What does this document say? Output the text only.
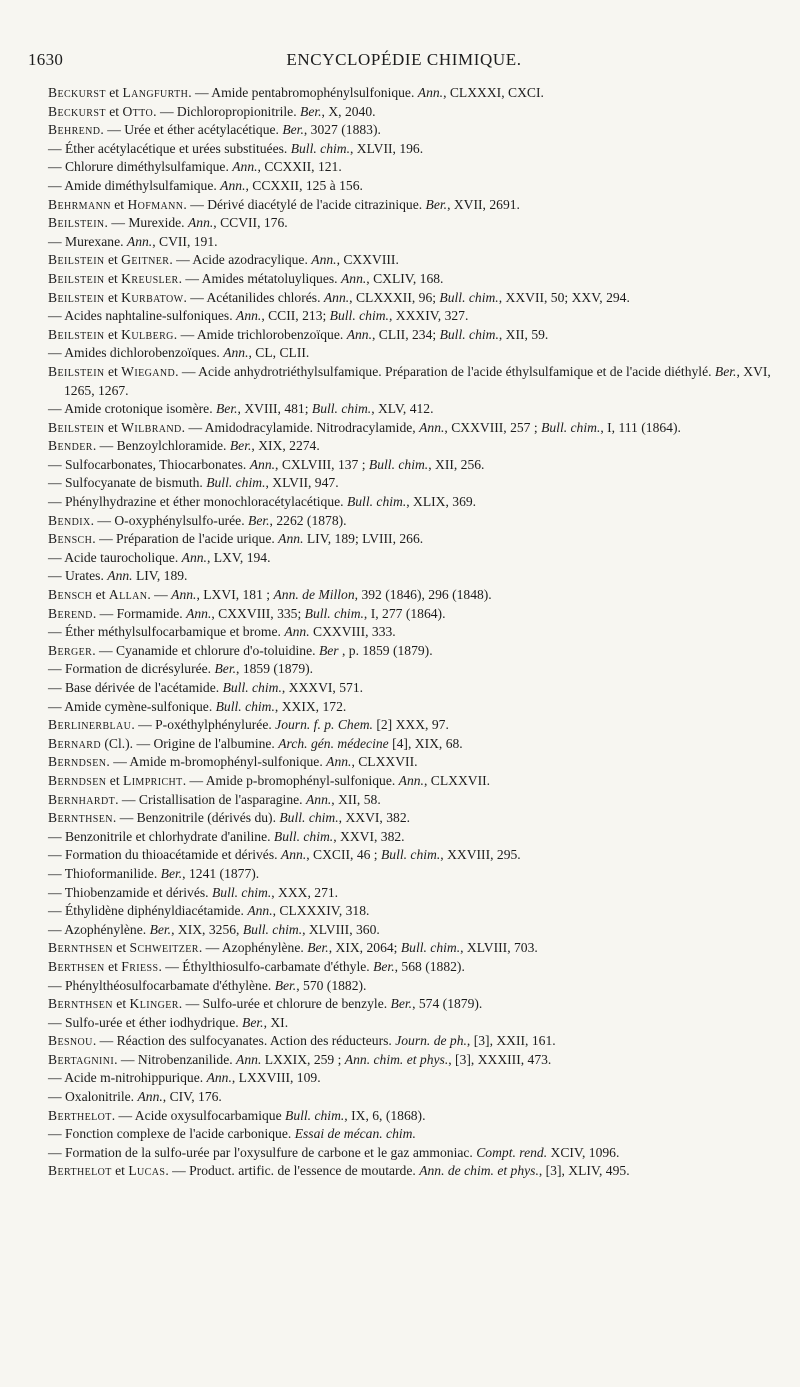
1630	ENCYCLOPÉDIE CHIMIQUE.

Beckurst et Langfurth. — Amide pentabromophénylsulfonique. Ann., CLXXXI, CXCI.

Beckurst et Otto. — Dichloropropionitrile. Ber., X, 2040.

Behrend. — Urée et éther acétylacétique. Ber., 3027 (1883).

— Éther acétylacétique et urées substituées. Bull. chim., XLVII, 196.

— Chlorure diméthylsulfamique. Ann., CCXXII, 121.

— Amide diméthylsulfamique. Ann., CCXXII, 125 à 156.

Behrmann et Hofmann. — Dérivé diacétylé de l'acide citrazinique. Ber., XVII, 2691.

Beilstein. — Murexide. Ann., CCVII, 176.

— Murexane. Ann., CVII, 191.

Beilstein et Geitner. — Acide azodracylique. Ann., CXXVIII.

Beilstein et Kreusler. — Amides métatoluyliques. Ann., CXLIV, 168.

Beilstein et Kurbatow. — Acétanilides chlorés. Ann., CLXXXII, 96; Bull. chim., XXVII, 50; XXV, 294.

— Acides naphtaline-sulfoniques. Ann., CCII, 213; Bull. chim., XXXIV, 327.

Beilstein et Kulberg. — Amide trichlorobenzoïque. Ann., CLII, 234; Bull. chim., XII, 59.

— Amides dichlorobenzoïques. Ann., CL, CLII.

Beilstein et Wiegand. — Acide anhydrotriéthylsulfamique. Préparation de l'acide éthylsulfamique et de l'acide diéthylé. Ber., XVI, 1265, 1267.

— Amide crotonique isomère. Ber., XVIII, 481; Bull. chim., XLV, 412.

Beilstein et Wilbrand. — Amidodracylamide. Nitrodracylamide, Ann., CXXVIII, 257 ; Bull. chim., I, 111 (1864).

Bender. — Benzoylchloramide. Ber., XIX, 2274.

— Sulfocarbonates, Thiocarbonates. Ann., CXLVIII, 137 ; Bull. chim., XII, 256.

— Sulfocyanate de bismuth. Bull. chim., XLVII, 947.

— Phénylhydrazine et éther monochloracétylacétique. Bull. chim., XLIX, 369.

Bendix. — O-oxyphénylsulfo-urée. Ber., 2262 (1878).

Bensch. — Préparation de l'acide urique. Ann. LIV, 189; LVIII, 266.

— Acide taurocholique. Ann., LXV, 194.

— Urates. Ann. LIV, 189.

Bensch et Allan. — Ann., LXVI, 181 ; Ann. de Millon, 392 (1846), 296 (1848).

Berend. — Formamide. Ann., CXXVIII, 335; Bull. chim., I, 277 (1864).

— Éther méthylsulfocarbamique et brome. Ann. CXXVIII, 333.

Berger. — Cyanamide et chlorure d'o-toluidine. Ber , p. 1859 (1879).

— Formation de dicrésylurée. Ber., 1859 (1879).

— Base dérivée de l'acétamide. Bull. chim., XXXVI, 571.

— Amide cymène-sulfonique. Bull. chim., XXIX, 172.

Berlinerblau. — P-oxéthylphénylurée. Journ. f. p. Chem. [2] XXX, 97.

Bernard (Cl.). — Origine de l'albumine. Arch. gén. médecine [4], XIX, 68.

Berndsen. — Amide m-bromophényl-sulfonique. Ann., CLXXVII.

Berndsen et Limpricht. — Amide p-bromophényl-sulfonique. Ann., CLXXVII.

Bernhardt. — Cristallisation de l'asparagine. Ann., XII, 58.

Bernthsen. — Benzonitrile (dérivés du). Bull. chim., XXVI, 382.

— Benzonitrile et chlorhydrate d'aniline. Bull. chim., XXVI, 382.

— Formation du thioacétamide et dérivés. Ann., CXCII, 46 ; Bull. chim., XXVIII, 295.

— Thioformanilide. Ber., 1241 (1877).

— Thiobenzamide et dérivés. Bull. chim., XXX, 271.

— Éthylidène diphényldiacétamide. Ann., CLXXXIV, 318.

— Azophénylène. Ber., XIX, 3256, Bull. chim., XLVIII, 360.

Bernthsen et Schweitzer. — Azophénylène. Ber., XIX, 2064; Bull. chim., XLVIII, 703.

Berthsen et Friess. — Éthylthiosulfo-carbamate d'éthyle. Ber., 568 (1882).

— Phénylthéosulfocarbamate d'éthylène. Ber., 570 (1882).

Bernthsen et Klinger. — Sulfo-urée et chlorure de benzyle. Ber., 574 (1879).

— Sulfo-urée et éther iodhydrique. Ber., XI.

Besnou. — Réaction des sulfocyanates. Action des réducteurs. Journ. de ph., [3], XXII, 161.

Bertagnini. — Nitrobenzanilide. Ann. LXXIX, 259 ; Ann. chim. et phys., [3], XXXIII, 473.

— Acide m-nitrohippurique. Ann., LXXVIII, 109.

— Oxalonitrile. Ann., CIV, 176.

Berthelot. — Acide oxysulfocarbamique Bull. chim., IX, 6, (1868).

— Fonction complexe de l'acide carbonique. Essai de mécan. chim.

— Formation de la sulfo-urée par l'oxysulfure de carbone et le gaz ammoniac. Compt. rend. XCIV, 1096.

Berthelot et Lucas. — Product. artific. de l'essence de moutarde. Ann. de chim. et phys., [3], XLIV, 495.
